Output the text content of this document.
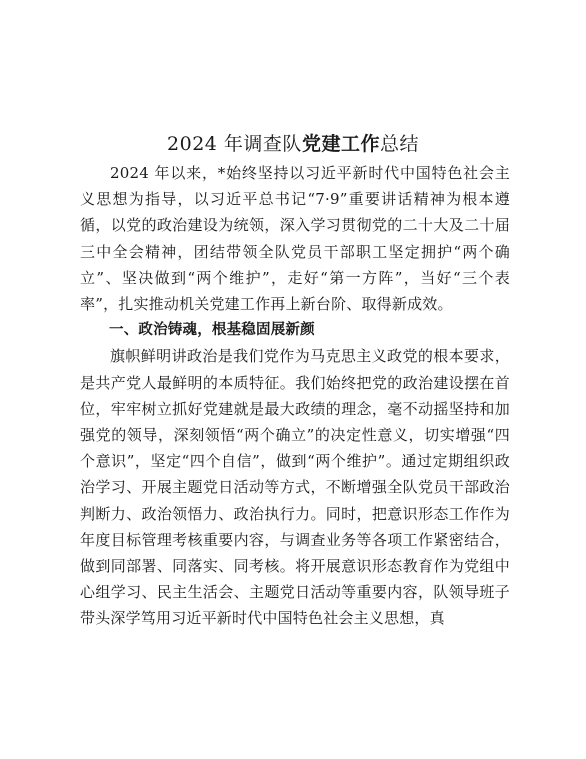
2024 年调查队党建工作总结

2024 年以来，*始终坚持以习近平新时代中国特色社会主义思想为指导，以习近平总书记“7·9”重要讲话精神为根本遵循，以党的政治建设为统领，深入学习贯彻党的二十大及二十届三中全会精神，团结带领全队党员干部职工坚定拥护“两个确立”、坚决做到“两个维护”，走好“第一方阵”，当好“三个表率”，扎实推动机关党建工作再上新台阶、取得新成效。

一、政治铸魂，根基稳固展新颜

旗帜鲜明讲政治是我们党作为马克思主义政党的根本要求，是共产党人最鲜明的本质特征。我们始终把党的政治建设摆在首位，牢牢树立抓好党建就是最大政绩的理念，毫不动摇坚持和加强党的领导，深刻领悟“两个确立”的决定性意义，切实增强“四个意识”，坚定“四个自信”，做到“两个维护”。通过定期组织政治学习、开展主题党日活动等方式，不断增强全队党员干部政治判断力、政治领悟力、政治执行力。同时，把意识形态工作作为年度目标管理考核重要内容，与调查业务等各项工作紧密结合，做到同部署、同落实、同考核。将开展意识形态教育作为党组中心组学习、民主生活会、主题党日活动等重要内容，队领导班子带头深学笃用习近平新时代中国特色社会主义思想，真
